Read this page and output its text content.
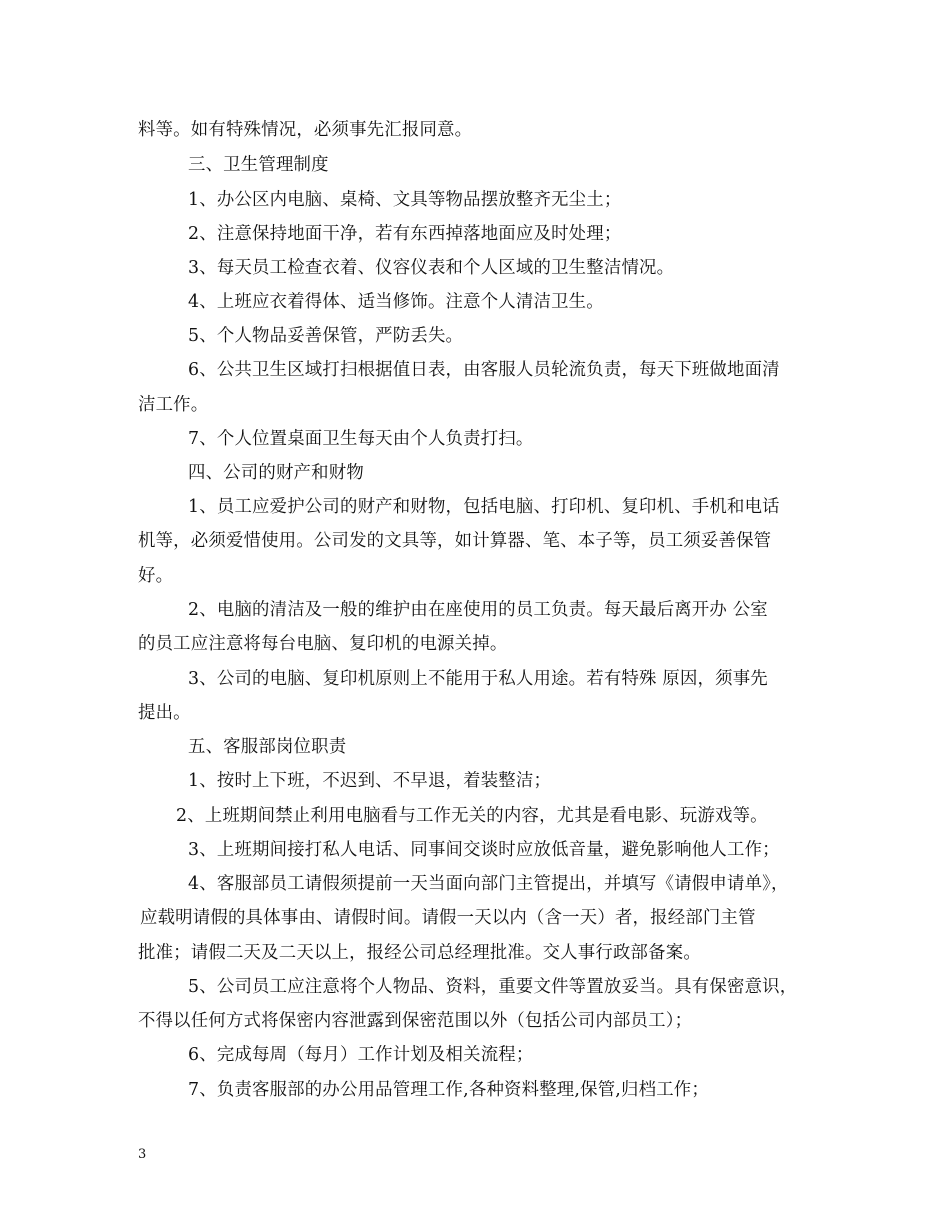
料等。如有特殊情况，必须事先汇报同意。
三、卫生管理制度
1、办公区内电脑、桌椅、文具等物品摆放整齐无尘土；
2、注意保持地面干净，若有东西掉落地面应及时处理；
3、每天员工检查衣着、仪容仪表和个人区域的卫生整洁情况。
4、上班应衣着得体、适当修饰。注意个人清洁卫生。
5、个人物品妥善保管，严防丢失。
6、公共卫生区域打扫根据值日表，由客服人员轮流负责，每天下班做地面清
洁工作。
7、个人位置桌面卫生每天由个人负责打扫。
四、公司的财产和财物
1、员工应爱护公司的财产和财物，包括电脑、打印机、复印机、手机和电话
机等，必须爱惜使用。公司发的文具等，如计算器、笔、本子等，员工须妥善保管
好。
2、电脑的清洁及一般的维护由在座使用的员工负责。每天最后离开办 公室
的员工应注意将每台电脑、复印机的电源关掉。
3、公司的电脑、复印机原则上不能用于私人用途。若有特殊 原因，须事先
提出。
五、客服部岗位职责
1、按时上下班，不迟到、不早退，着装整洁；
2、上班期间禁止利用电脑看与工作无关的内容，尤其是看电影、玩游戏等。
3、上班期间接打私人电话、同事间交谈时应放低音量，避免影响他人工作；
4、客服部员工请假须提前一天当面向部门主管提出，并填写《请假申请单》，
应载明请假的具体事由、请假时间。请假一天以内（含一天）者，报经部门主管
批准；请假二天及二天以上，报经公司总经理批准。交人事行政部备案。
5、公司员工应注意将个人物品、资料，重要文件等置放妥当。具有保密意识，
不得以任何方式将保密内容泄露到保密范围以外（包括公司内部员工）；
6、完成每周（每月）工作计划及相关流程；
7、负责客服部的办公用品管理工作,各种资料整理,保管,归档工作；
3
